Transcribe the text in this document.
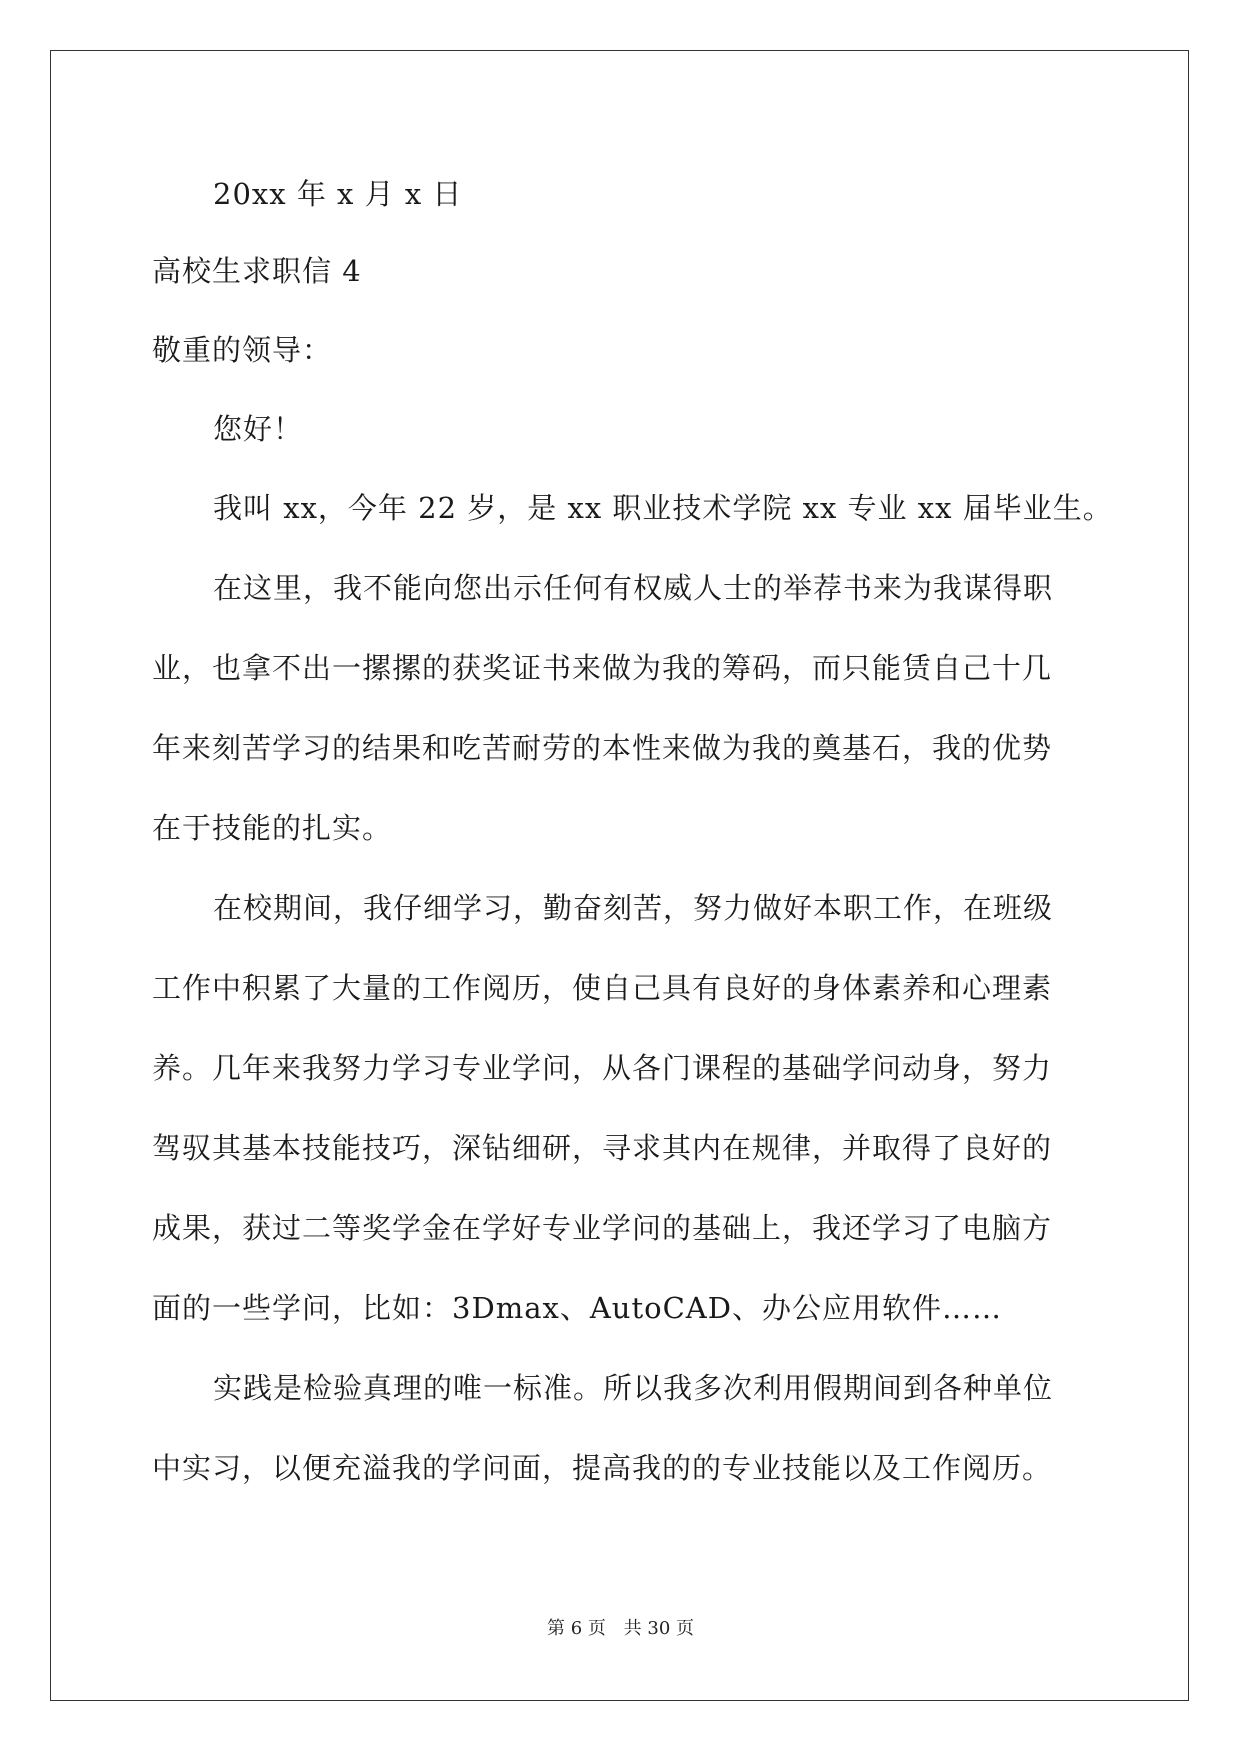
20xx 年 x 月 x 日
高校生求职信 4
敬重的领导：
您好！
我叫 xx，今年 22 岁，是 xx 职业技术学院 xx 专业 xx 届毕业生。
在这里，我不能向您出示任何有权威人士的举荐书来为我谋得职
业，也拿不出一摞摞的获奖证书来做为我的筹码，而只能赁自己十几
年来刻苦学习的结果和吃苦耐劳的本性来做为我的奠基石，我的优势
在于技能的扎实。
在校期间，我仔细学习，勤奋刻苦，努力做好本职工作，在班级
工作中积累了大量的工作阅历，使自己具有良好的身体素养和心理素
养。几年来我努力学习专业学问，从各门课程的基础学问动身，努力
驾驭其基本技能技巧，深钻细研，寻求其内在规律，并取得了良好的
成果，获过二等奖学金在学好专业学问的基础上，我还学习了电脑方
面的一些学问，比如：3Dmax、AutoCAD、办公应用软件……
实践是检验真理的唯一标准。所以我多次利用假期间到各种单位
中实习，以便充溢我的学问面，提高我的的专业技能以及工作阅历。
第 6 页 共 30 页
